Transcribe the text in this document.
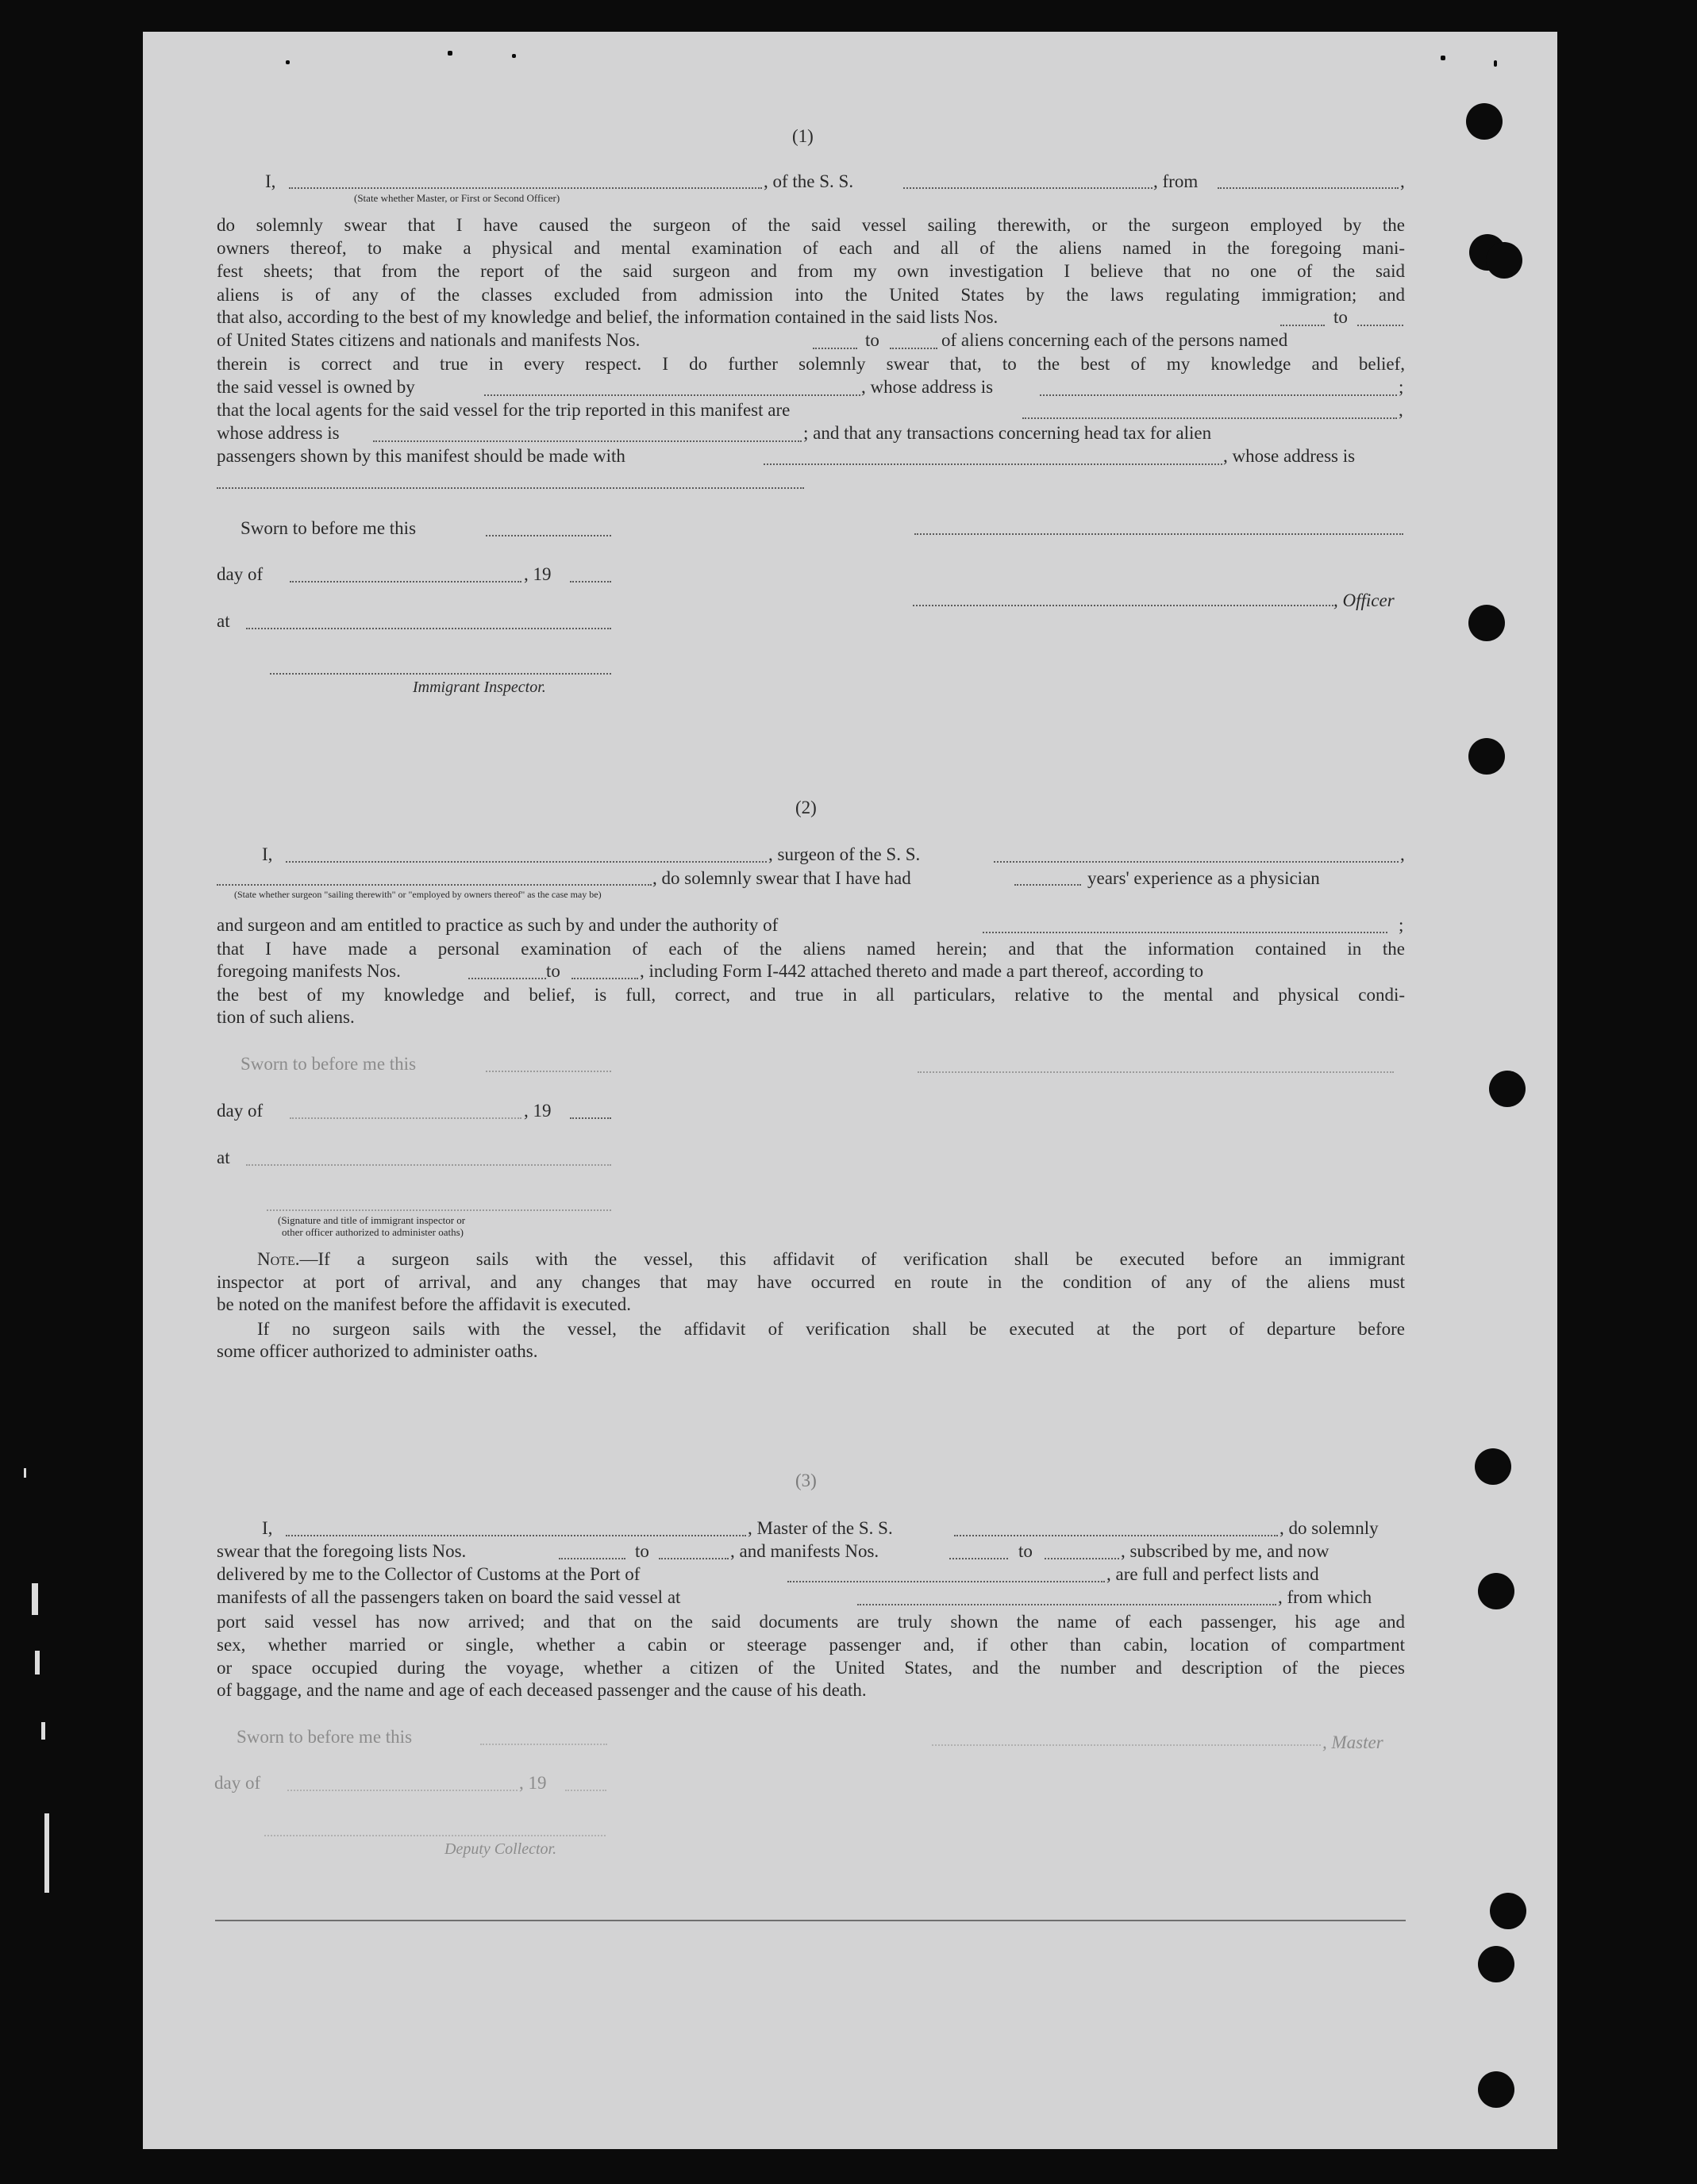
(1)
I,	, of the S. S.	, from	,
(State whether Master, or First or Second Officer)
do solemnly swear that I have caused the surgeon of the said vessel sailing therewith, or the surgeon employed by the
owners thereof, to make a physical and mental examination of each and all of the aliens named in the foregoing mani-
fest sheets; that from the report of the said surgeon and from my own investigation I believe that no one of the said
aliens is of any of the classes excluded from admission into the United States by the laws regulating immigration; and
that also, according to the best of my knowledge and belief, the information contained in the said lists Nos.	to
of United States citizens and nationals and manifests Nos.	to	of aliens concerning each of the persons named
therein is correct and true in every respect. I do further solemnly swear that, to the best of my knowledge and belief,
the said vessel is owned by	, whose address is	;
that the local agents for the said vessel for the trip reported in this manifest are	,
whose address is	; and that any transactions concerning head tax for alien
passengers shown by this manifest should be made with	, whose address is
Sworn to before me this
day of	, 19
at
, Officer
Immigrant Inspector.
(2)
I,	, surgeon of the S. S.	,
, do solemnly swear that I have had	years' experience as a physician
(State whether surgeon "sailing therewith" or "employed by owners thereof" as the case may be)
and surgeon and am entitled to practice as such by and under the authority of	;
that I have made a personal examination of each of the aliens named herein; and that the information contained in the
foregoing manifests Nos.	to	, including Form I-442 attached thereto and made a part thereof, according to
the best of my knowledge and belief, is full, correct, and true in all particulars, relative to the mental and physical condi-
tion of such aliens.
Sworn to before me this
day of	, 19
at
(Signature and title of immigrant inspector or
other officer authorized to administer oaths)
Note.—If a surgeon sails with the vessel, this affidavit of verification shall be executed before an immigrant
inspector at port of arrival, and any changes that may have occurred en route in the condition of any of the aliens must
be noted on the manifest before the affidavit is executed.
If no surgeon sails with the vessel, the affidavit of verification shall be executed at the port of departure before
some officer authorized to administer oaths.
(3)
I,	, Master of the S. S.	, do solemnly
swear that the foregoing lists Nos.	to	, and manifests Nos.	to	, subscribed by me, and now
delivered by me to the Collector of Customs at the Port of	, are full and perfect lists and
manifests of all the passengers taken on board the said vessel at	, from which
port said vessel has now arrived; and that on the said documents are truly shown the name of each passenger, his age and
sex, whether married or single, whether a cabin or steerage passenger and, if other than cabin, location of compartment
or space occupied during the voyage, whether a citizen of the United States, and the number and description of the pieces
of baggage, and the name and age of each deceased passenger and the cause of his death.
Sworn to before me this	, Master
day of	, 19
Deputy Collector.
